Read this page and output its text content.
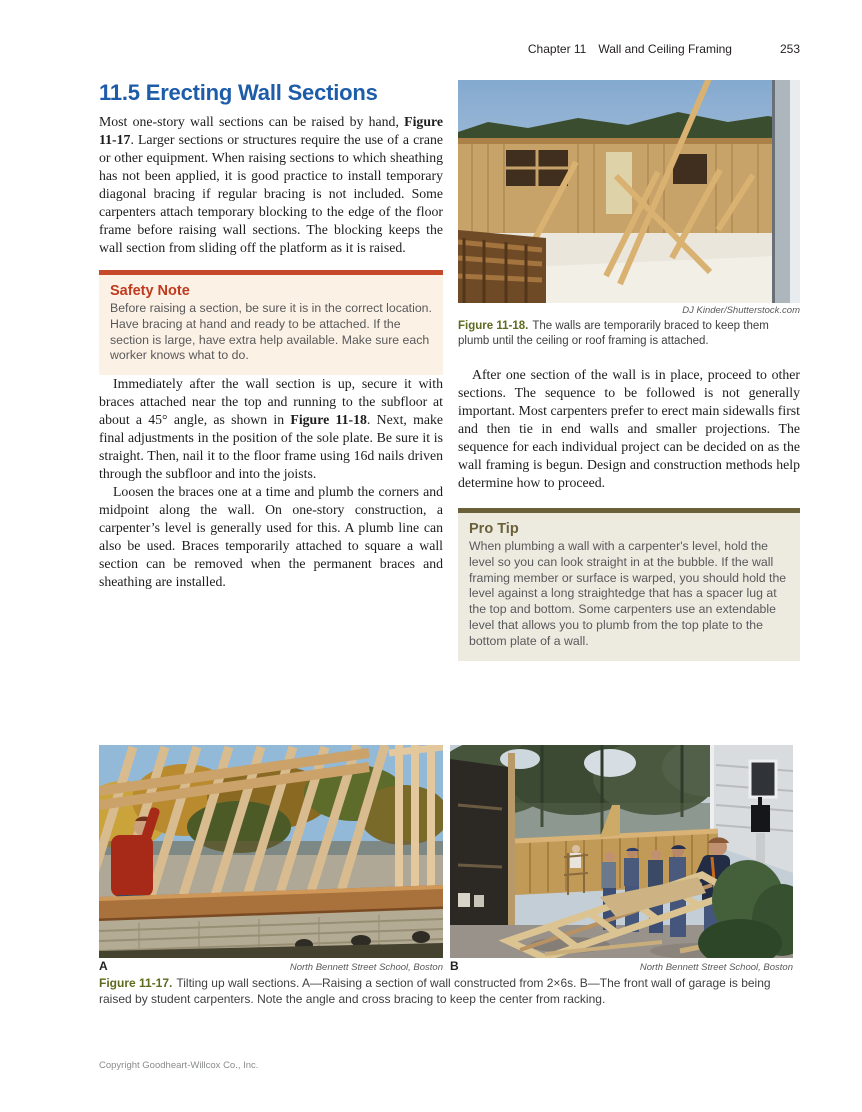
Chapter 11 Wall and Ceiling Framing	253
11.5 Erecting Wall Sections

Most one-story wall sections can be raised by hand, Figure 11-17. Larger sections or structures require the use of a crane or other equipment. When raising sections to which sheathing has not been applied, it is good practice to install temporary diagonal bracing if regular bracing is not included. Some carpenters attach temporary blocking to the edge of the floor frame before raising wall sections. The blocking keeps the wall section from sliding off the platform as it is raised.

Safety Note

Before raising a section, be sure it is in the correct location. Have bracing at hand and ready to be attached. If the section is large, have extra help available. Make sure each worker knows what to do.

Immediately after the wall section is up, secure it with braces attached near the top and running to the subfloor at about a 45° angle, as shown in Figure 11-18. Next, make final adjustments in the position of the sole plate. Be sure it is straight. Then, nail it to the floor frame using 16d nails driven through the subfloor and into the joists.

Loosen the braces one at a time and plumb the corners and midpoint along the wall. On one-story construction, a carpenter’s level is generally used for this. A plumb line can also be used. Braces temporarily attached to square a wall section can be removed when the permanent braces and sheathing are installed.

DJ Kinder/Shutterstock.com

Figure 11-18. The walls are temporarily braced to keep them plumb until the ceiling or roof framing is attached.

After one section of the wall is in place, proceed to other sections. The sequence to be followed is not generally important. Most carpenters prefer to erect main sidewalls first and then tie in end walls and smaller projections. The sequence for each individual project can be decided on as the wall framing is begun. Design and construction methods help determine how to proceed.

Pro Tip

When plumbing a wall with a carpenter's level, hold the level so you can look straight in at the bubble. If the wall framing member or surface is warped, you should hold the level against a long straightedge that has a spacer lug at the top and bottom. Some carpenters use an extendable level that allows you to plumb from the top plate to the bottom plate of a wall.

A	North Bennett Street School, Boston B	North Bennett Street School, Boston

Figure 11-17. Tilting up wall sections. A—Raising a section of wall constructed from 2×6s. B—The front wall of garage is being raised by student carpenters. Note the angle and cross bracing to keep the center from racking.

Copyright Goodheart-Willcox Co., Inc.
